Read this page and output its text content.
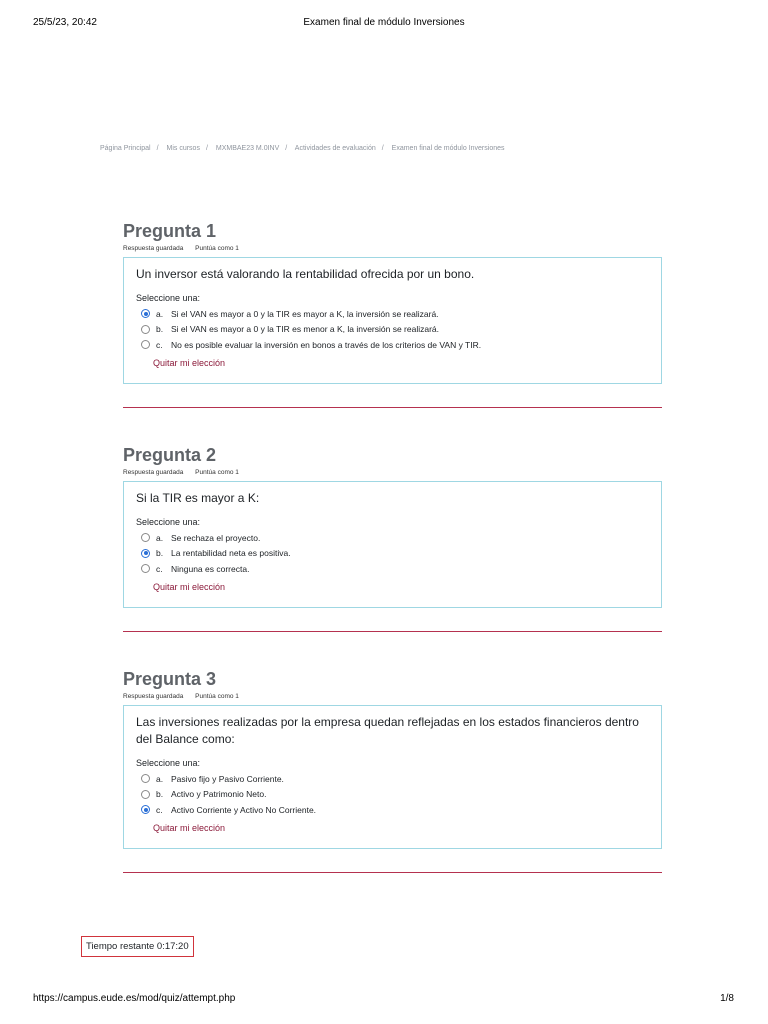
25/5/23, 20:42	Examen final de módulo Inversiones
Página Principal / Mis cursos / MXMBAE23 M.0INV / Actividades de evaluación / Examen final de módulo Inversiones
Pregunta 1
Respuesta guardada Puntúa como 1

Un inversor está valorando la rentabilidad ofrecida por un bono.

Seleccione una:
a. Si el VAN es mayor a 0 y la TIR es mayor a K, la inversión se realizará.
b. Si el VAN es mayor a 0 y la TIR es menor a K, la inversión se realizará.
c. No es posible evaluar la inversión en bonos a través de los criterios de VAN y TIR.
Quitar mi elección
Pregunta 2
Respuesta guardada Puntúa como 1

Si la TIR es mayor a K:

Seleccione una:
a. Se rechaza el proyecto.
b. La rentabilidad neta es positiva.
c. Ninguna es correcta.
Quitar mi elección
Pregunta 3
Respuesta guardada Puntúa como 1

Las inversiones realizadas por la empresa quedan reflejadas en los estados financieros dentro del Balance como:

Seleccione una:
a. Pasivo fijo y Pasivo Corriente.
b. Activo y Patrimonio Neto.
c. Activo Corriente y Activo No Corriente.
Quitar mi elección
Tiempo restante 0:17:20
https://campus.eude.es/mod/quiz/attempt.php	1/8
